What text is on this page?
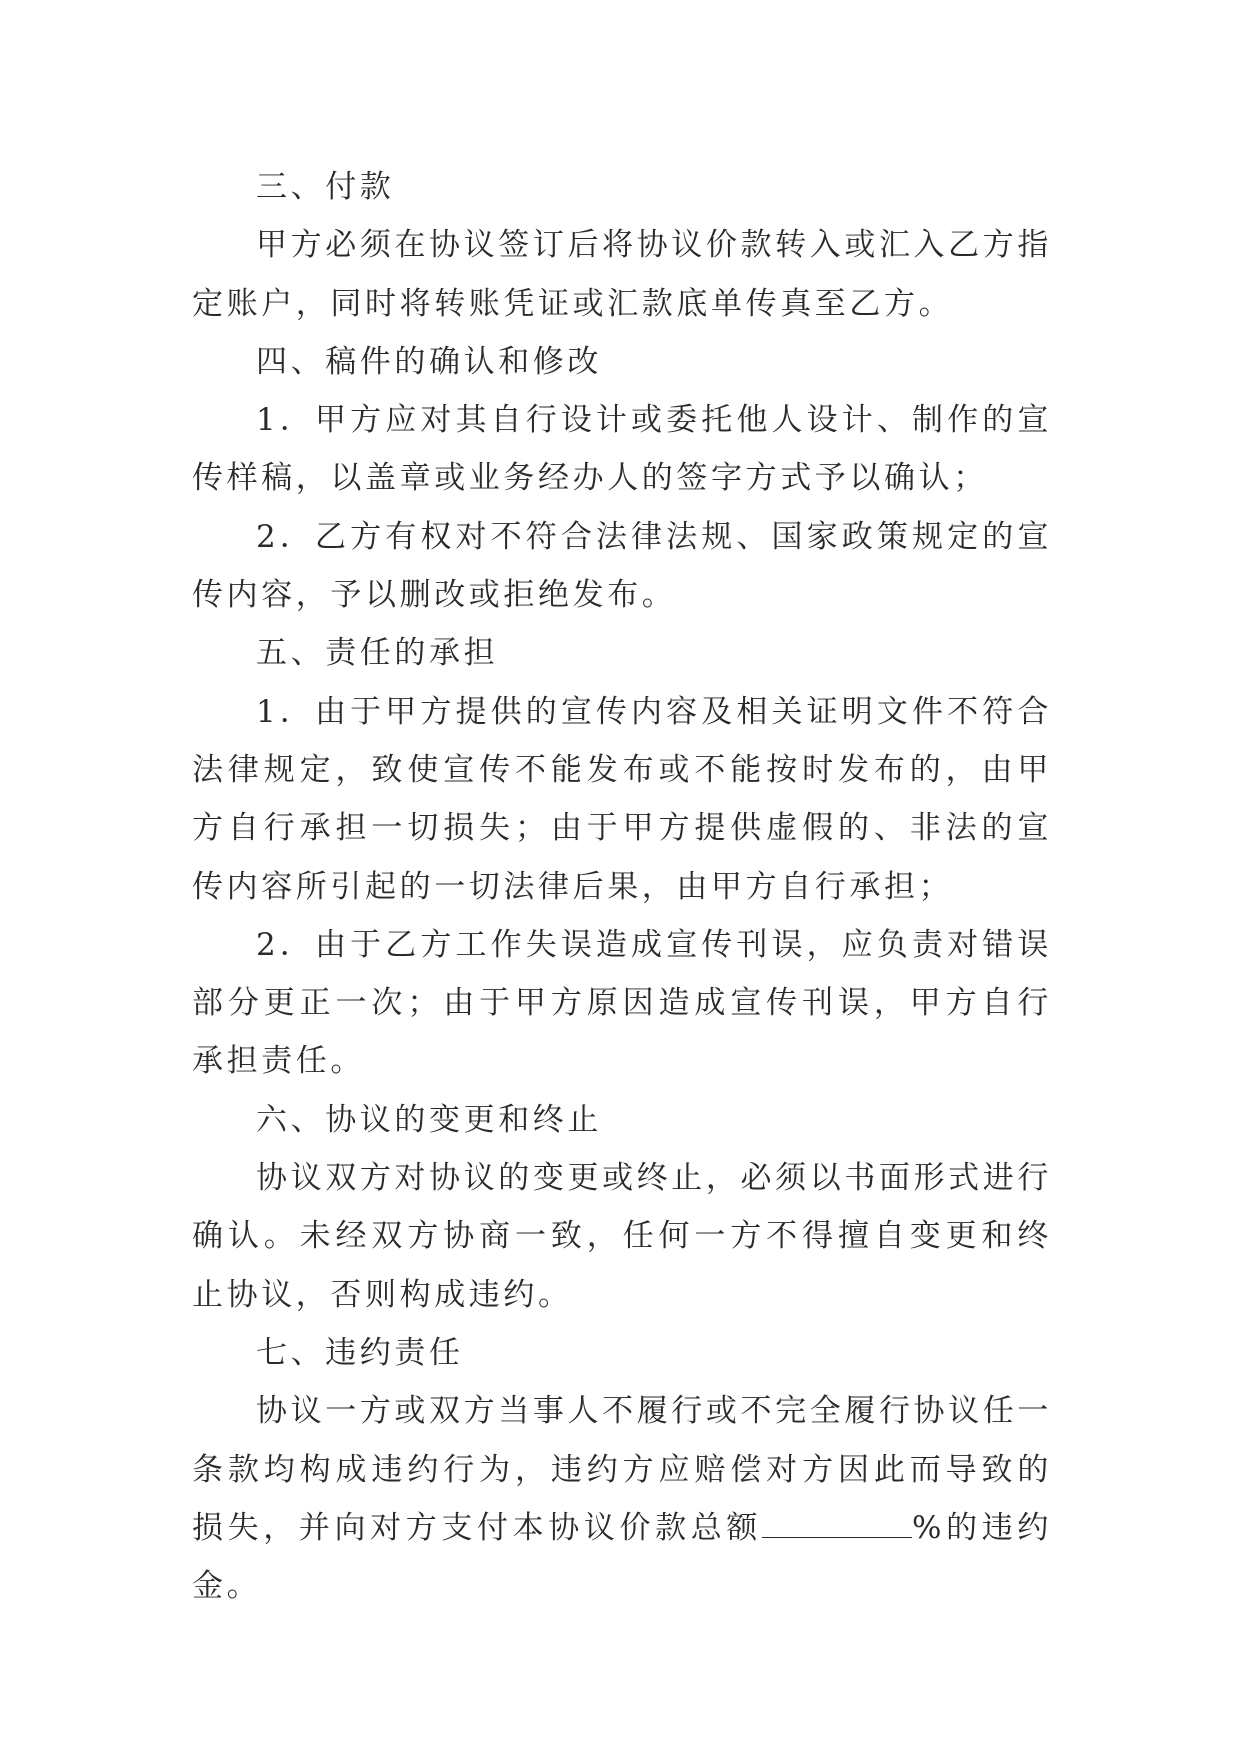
三、付款

甲方必须在协议签订后将协议价款转入或汇入乙方指定账户，同时将转账凭证或汇款底单传真至乙方。

四、稿件的确认和修改

1．甲方应对其自行设计或委托他人设计、制作的宣传样稿，以盖章或业务经办人的签字方式予以确认；

2．乙方有权对不符合法律法规、国家政策规定的宣传内容，予以删改或拒绝发布。

五、责任的承担

1．由于甲方提供的宣传内容及相关证明文件不符合法律规定，致使宣传不能发布或不能按时发布的，由甲方自行承担一切损失；由于甲方提供虚假的、非法的宣传内容所引起的一切法律后果，由甲方自行承担；

2．由于乙方工作失误造成宣传刊误，应负责对错误部分更正一次；由于甲方原因造成宣传刊误，甲方自行承担责任。

六、协议的变更和终止

协议双方对协议的变更或终止，必须以书面形式进行确认。未经双方协商一致，任何一方不得擅自变更和终止协议，否则构成违约。

七、违约责任

协议一方或双方当事人不履行或不完全履行协议任一条款均构成违约行为，违约方应赔偿对方因此而导致的损失，并向对方支付本协议价款总额	%的违约金。
